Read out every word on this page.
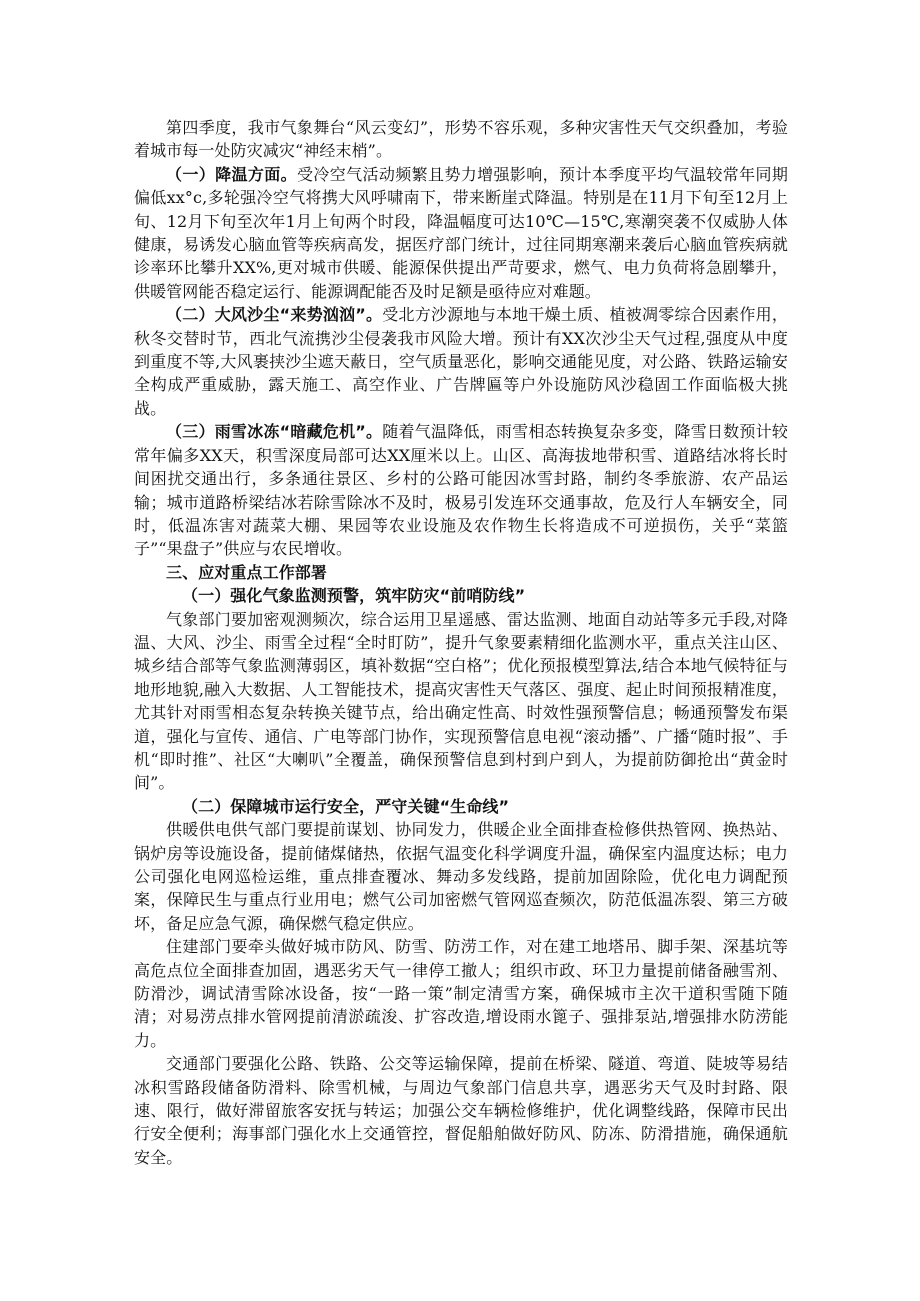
第四季度，我市气象舞台“风云变幻”，形势不容乐观，多种灾害性天气交织叠加，考验着城市每一处防灾减灾“神经末梢”。

（一）降温方面。受冷空气活动频繁且势力增强影响，预计本季度平均气温较常年同期偏低xx°c,多轮强冷空气将携大风呼啸南下，带来断崖式降温。特别是在11月下旬至12月上旬、12月下旬至次年1月上旬两个时段，降温幅度可达10℃—15℃,寒潮突袭不仅威胁人体健康，易诱发心脑血管等疾病高发，据医疗部门统计，过往同期寒潮来袭后心脑血管疾病就诊率环比攀升XX%,更对城市供暖、能源保供提出严苛要求，燃气、电力负荷将急剧攀升，供暖管网能否稳定运行、能源调配能否及时足额是亟待应对难题。

（二）大风沙尘“来势汹汹”。受北方沙源地与本地干燥土质、植被凋零综合因素作用，秋冬交替时节，西北气流携沙尘侵袭我市风险大增。预计有XX次沙尘天气过程,强度从中度到重度不等,大风裹挟沙尘遮天蔽日，空气质量恶化，影响交通能见度，对公路、铁路运输安全构成严重威胁，露天施工、高空作业、广告牌匾等户外设施防风沙稳固工作面临极大挑战。

（三）雨雪冰冻“暗藏危机”。随着气温降低，雨雪相态转换复杂多变，降雪日数预计较常年偏多XX天，积雪深度局部可达XX厘米以上。山区、高海拔地带积雪、道路结冰将长时间困扰交通出行，多条通往景区、乡村的公路可能因冰雪封路，制约冬季旅游、农产品运输；城市道路桥梁结冰若除雪除冰不及时，极易引发连环交通事故，危及行人车辆安全，同时，低温冻害对蔬菜大棚、果园等农业设施及农作物生长将造成不可逆损伤，关乎“菜篮子”“果盘子”供应与农民增收。

三、应对重点工作部署

（一）强化气象监测预警，筑牢防灾“前哨防线”

气象部门要加密观测频次，综合运用卫星遥感、雷达监测、地面自动站等多元手段,对降温、大风、沙尘、雨雪全过程“全时盯防”，提升气象要素精细化监测水平，重点关注山区、城乡结合部等气象监测薄弱区，填补数据“空白格”；优化预报模型算法,结合本地气候特征与地形地貌,融入大数据、人工智能技术，提高灾害性天气落区、强度、起止时间预报精准度，尤其针对雨雪相态复杂转换关键节点，给出确定性高、时效性强预警信息；畅通预警发布渠道，强化与宣传、通信、广电等部门协作，实现预警信息电视“滚动播”、广播“随时报”、手机“即时推”、社区“大喇叭”全覆盖，确保预警信息到村到户到人，为提前防御抢出“黄金时间”。

（二）保障城市运行安全，严守关键“生命线”

供暖供电供气部门要提前谋划、协同发力，供暖企业全面排查检修供热管网、换热站、锅炉房等设施设备，提前储煤储热，依据气温变化科学调度升温，确保室内温度达标；电力公司强化电网巡检运维，重点排查覆冰、舞动多发线路，提前加固除险，优化电力调配预案，保障民生与重点行业用电；燃气公司加密燃气管网巡查频次，防范低温冻裂、第三方破坏，备足应急气源，确保燃气稳定供应。

住建部门要牵头做好城市防风、防雪、防涝工作，对在建工地塔吊、脚手架、深基坑等高危点位全面排查加固，遇恶劣天气一律停工撤人；组织市政、环卫力量提前储备融雪剂、防滑沙，调试清雪除冰设备，按“一路一策”制定清雪方案，确保城市主次干道积雪随下随清；对易涝点排水管网提前清淤疏浚、扩容改造,增设雨水篦子、强排泵站,增强排水防涝能力。

交通部门要强化公路、铁路、公交等运输保障，提前在桥梁、隧道、弯道、陡坡等易结冰积雪路段储备防滑料、除雪机械，与周边气象部门信息共享，遇恶劣天气及时封路、限速、限行，做好滞留旅客安抚与转运；加强公交车辆检修维护，优化调整线路，保障市民出行安全便利；海事部门强化水上交通管控，督促船舶做好防风、防冻、防滑措施，确保通航安全。
